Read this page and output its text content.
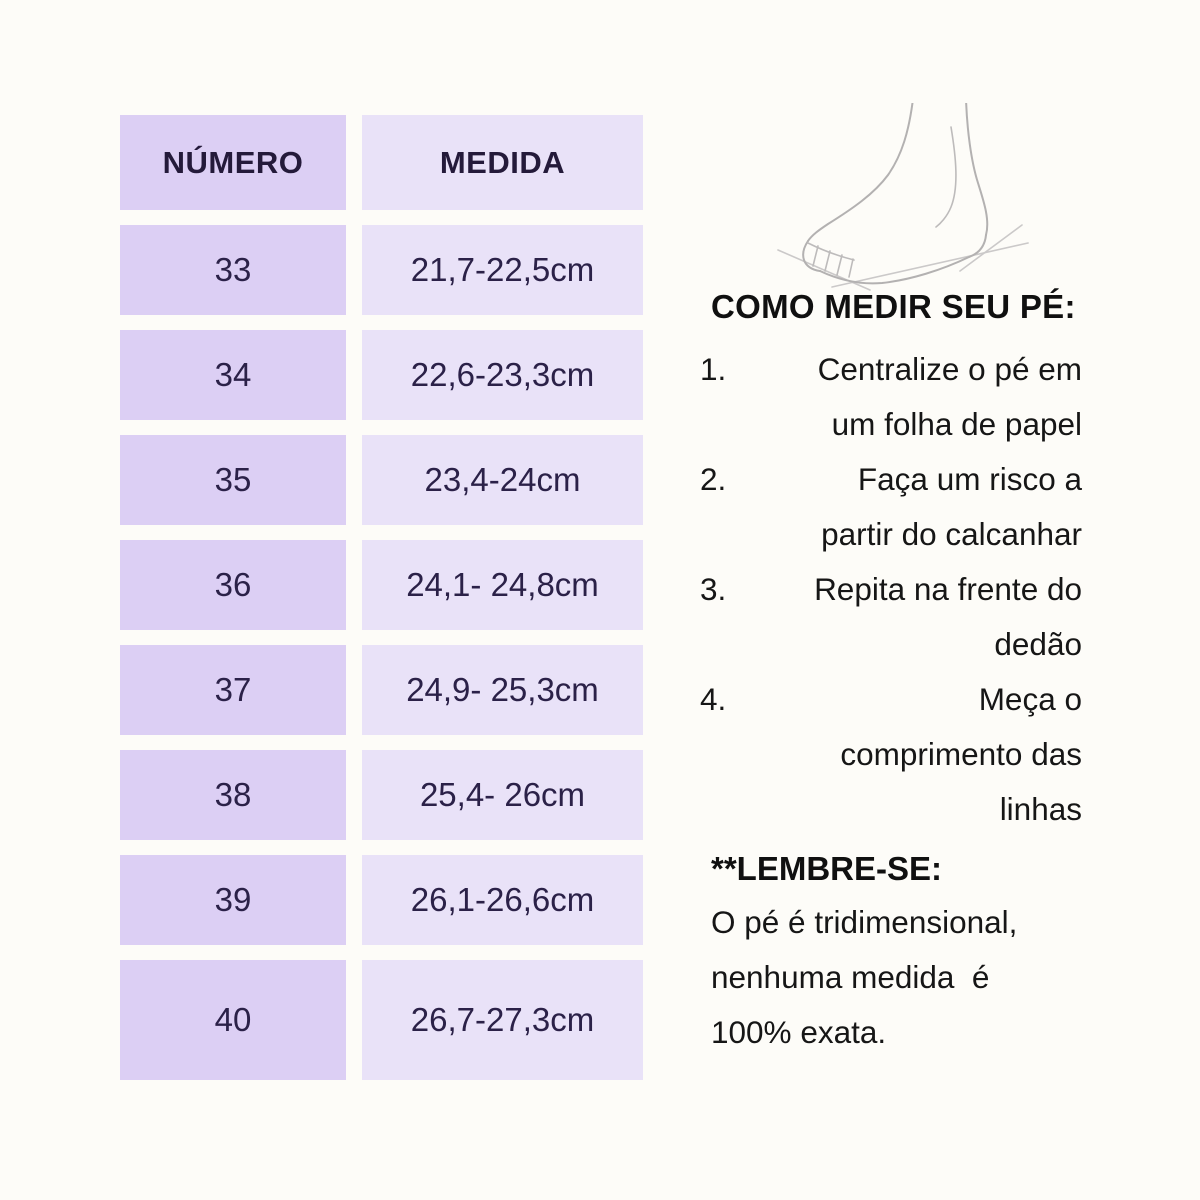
NÚMERO	MEDIDA
33	21,7-22,5cm
34	22,6-23,3cm
35	23,4-24cm
36	24,1- 24,8cm
37	24,9- 25,3cm
38	25,4- 26cm
39	26,1-26,6cm
40	26,7-27,3cm
COMO MEDIR SEU PÉ:
1.	Centralize o pé em
um folha de papel
2.	Faça um risco a
partir do calcanhar
3.	Repita na frente do
dedão
4.	Meça o
comprimento das
linhas
**LEMBRE-SE:
O pé é tridimensional,
nenhuma medida  é
100% exata.
